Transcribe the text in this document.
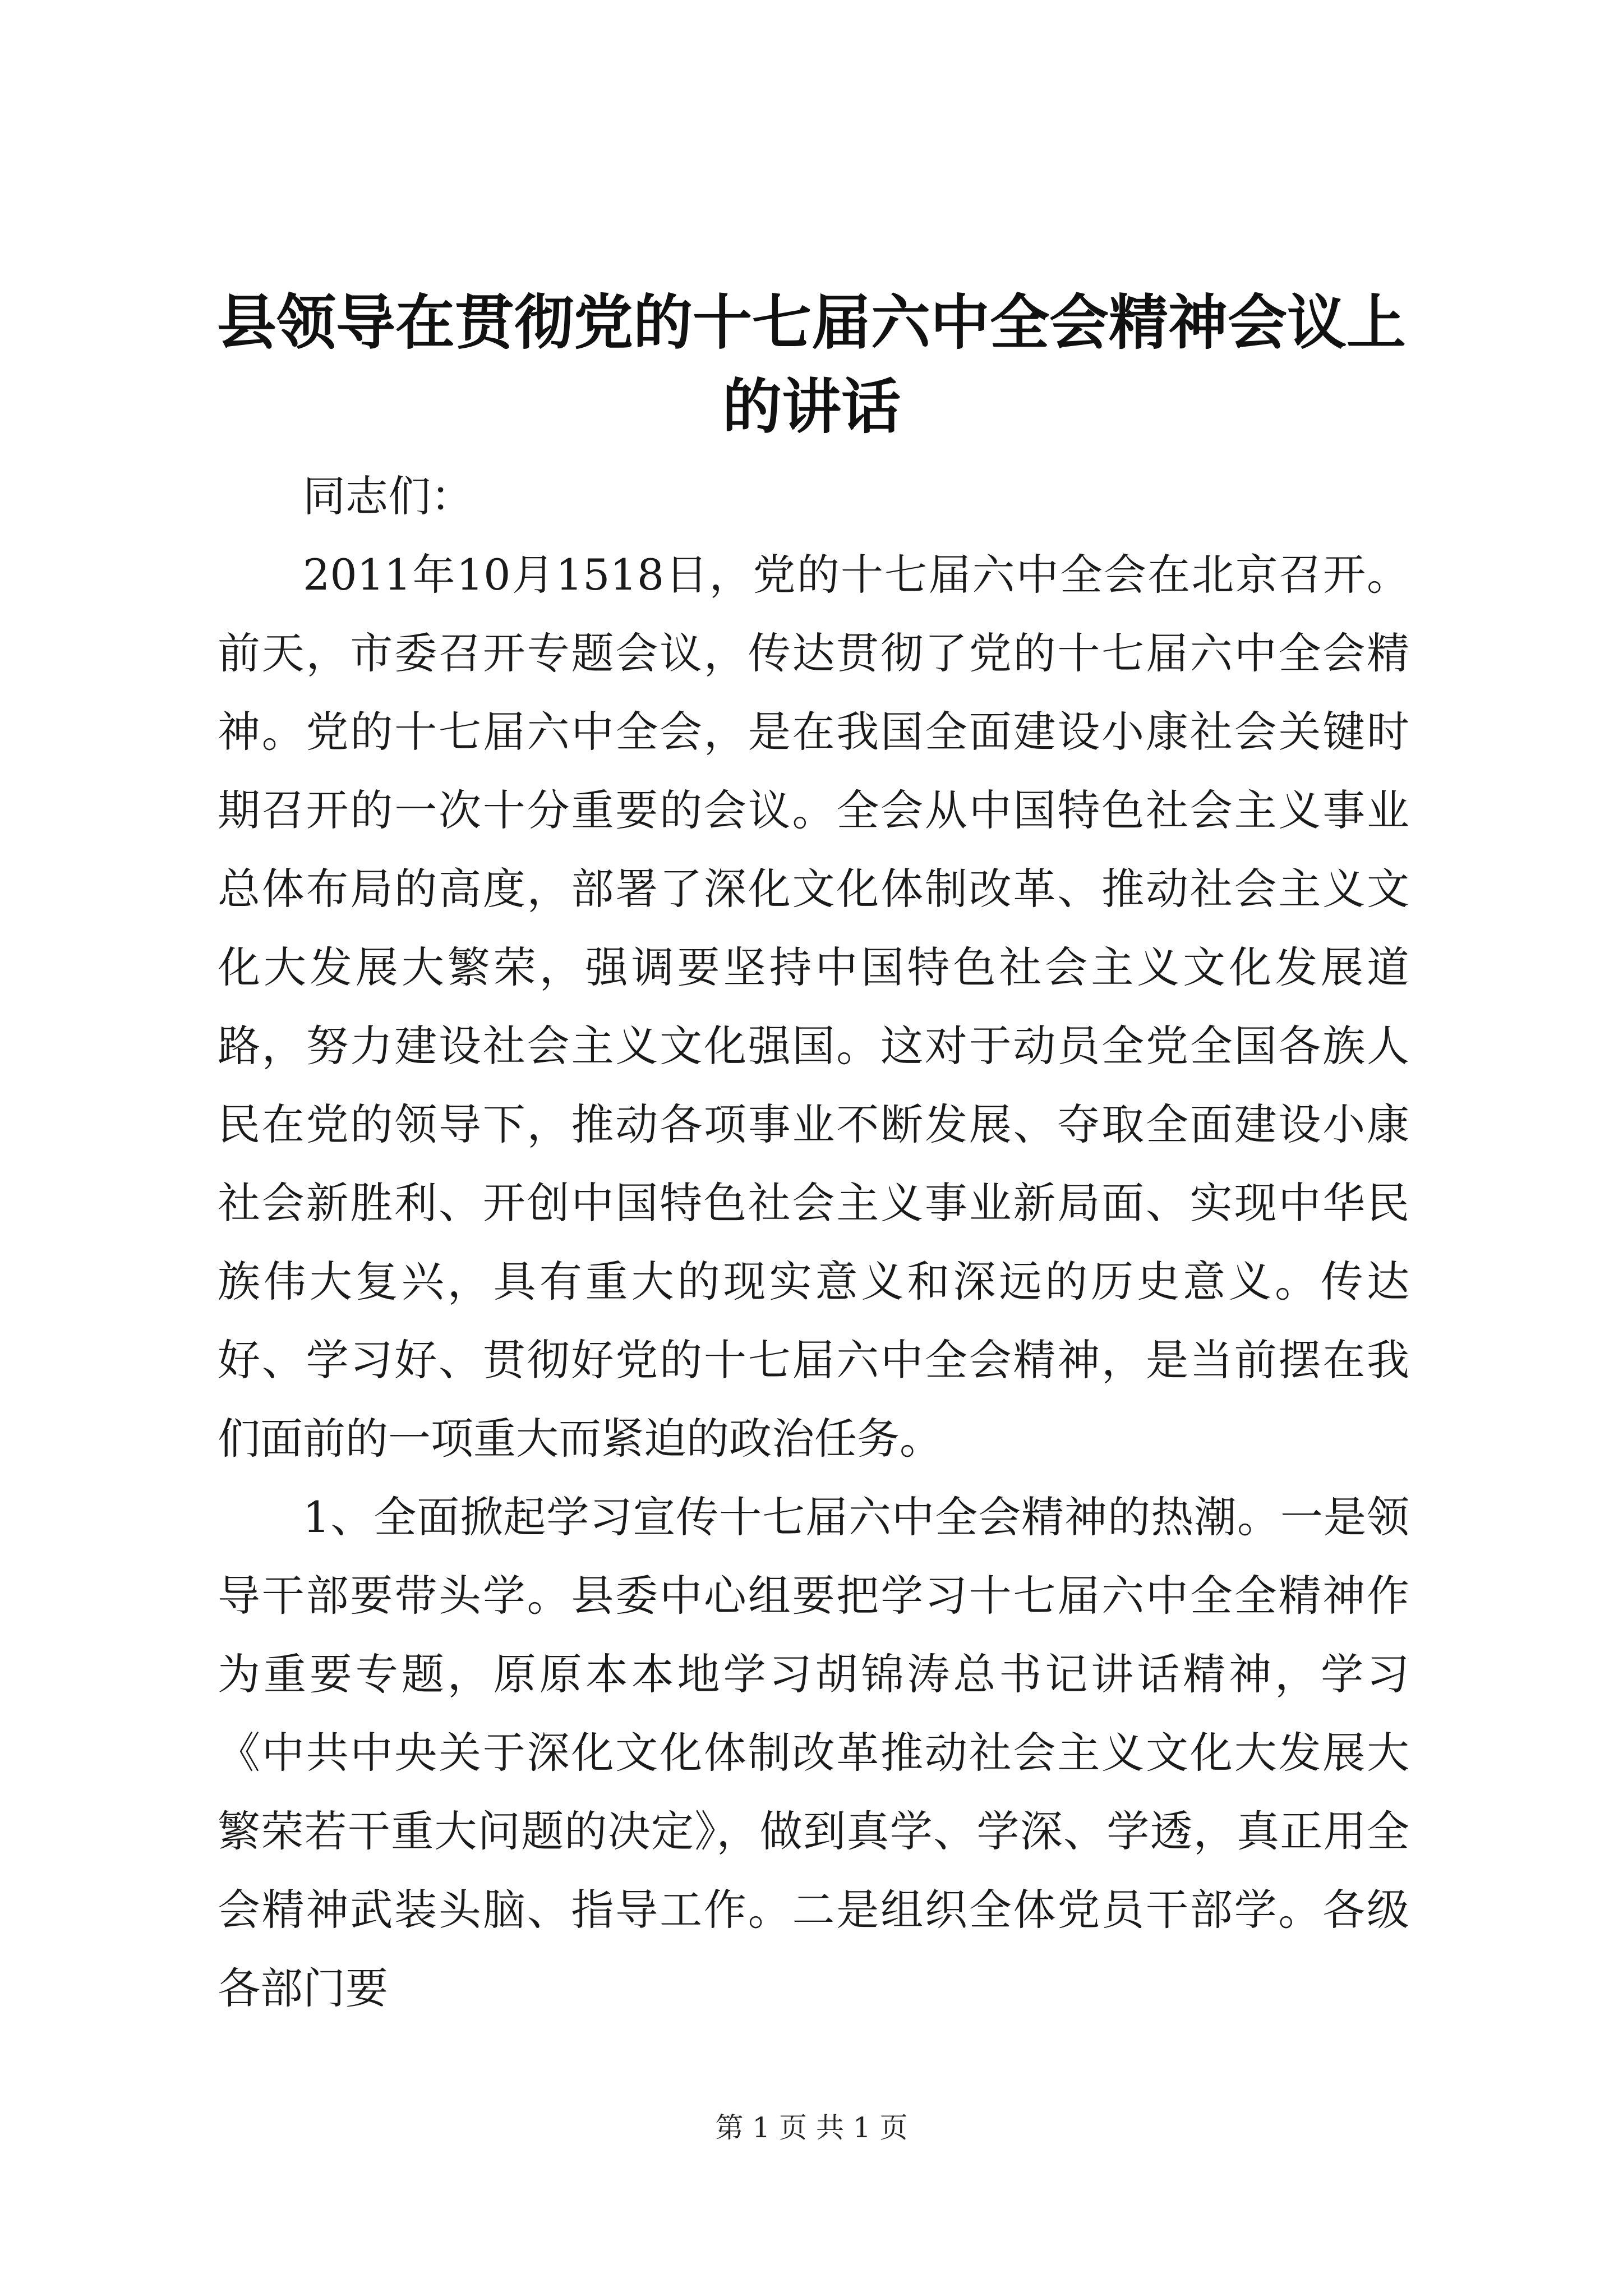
县领导在贯彻党的十七届六中全会精神会议上的讲话

同志们：

2011年10月1518日，党的十七届六中全会在北京召开。前天，市委召开专题会议，传达贯彻了党的十七届六中全会精神。党的十七届六中全会，是在我国全面建设小康社会关键时期召开的一次十分重要的会议。全会从中国特色社会主义事业总体布局的高度，部署了深化文化体制改革、推动社会主义文化大发展大繁荣，强调要坚持中国特色社会主义文化发展道路，努力建设社会主义文化强国。这对于动员全党全国各族人民在党的领导下，推动各项事业不断发展、夺取全面建设小康社会新胜利、开创中国特色社会主义事业新局面、实现中华民族伟大复兴，具有重大的现实意义和深远的历史意义。传达好、学习好、贯彻好党的十七届六中全会精神，是当前摆在我们面前的一项重大而紧迫的政治任务。

1、全面掀起学习宣传十七届六中全会精神的热潮。一是领导干部要带头学。县委中心组要把学习十七届六中全全精神作为重要专题，原原本本地学习胡锦涛总书记讲话精神，学习《中共中央关于深化文化体制改革推动社会主义文化大发展大繁荣若干重大问题的决定》，做到真学、学深、学透，真正用全会精神武装头脑、指导工作。二是组织全体党员干部学。各级各部门要

第 1 页 共 1 页
